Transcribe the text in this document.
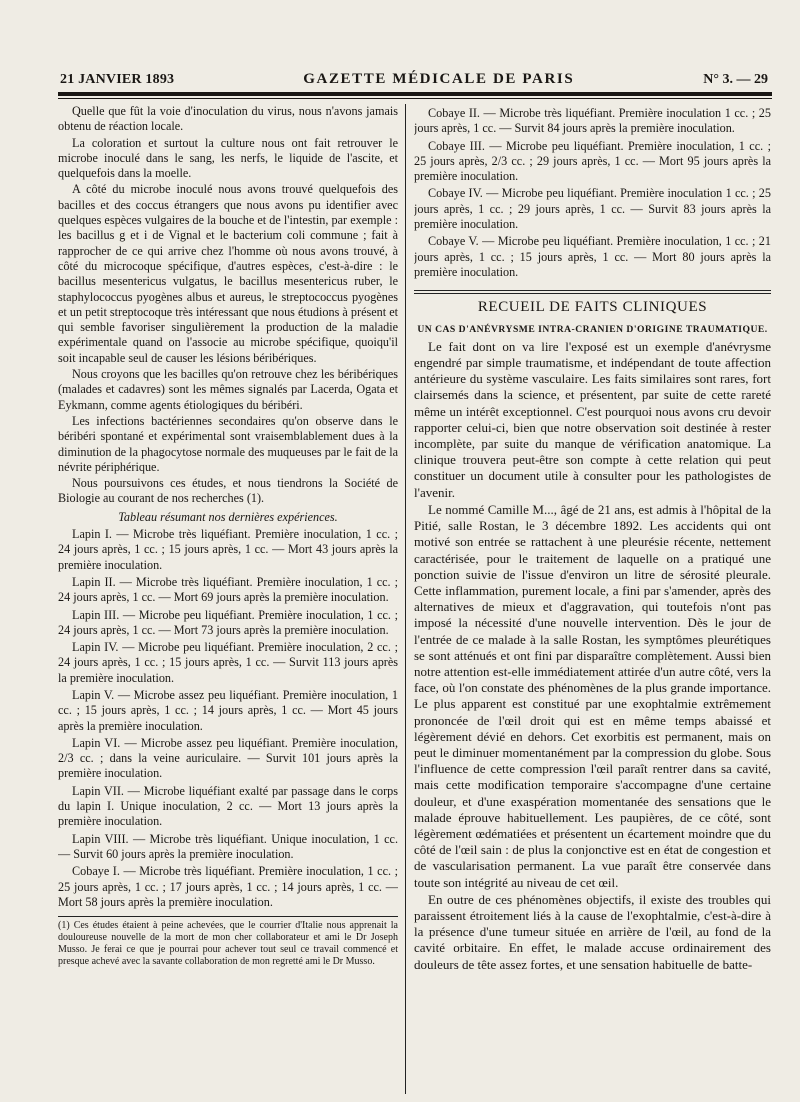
21 JANVIER 1893	GAZETTE MÉDICALE DE PARIS	N° 3. — 29

Quelle que fût la voie d'inoculation du virus, nous n'avons jamais obtenu de réaction locale.

La coloration et surtout la culture nous ont fait retrouver le microbe inoculé dans le sang, les nerfs, le liquide de l'ascite, et quelquefois dans la moelle.

A côté du microbe inoculé nous avons trouvé quelquefois des bacilles et des coccus étrangers que nous avons pu identifier avec quelques espèces vulgaires de la bouche et de l'intestin, par exemple : les bacillus g et i de Vignal et le bacterium coli commune ; fait à rapprocher de ce qui arrive chez l'homme où nous avons trouvé, à côté du microcoque spécifique, d'autres espèces, c'est-à-dire : le bacillus mesentericus vulgatus, le bacillus mesentericus ruber, le staphylococcus pyogènes albus et aureus, le streptococcus pyogènes et un petit streptocoque très intéressant que nous étudions à présent et qui semble favoriser singulièrement la production de la maladie expérimentale quand on l'associe au microbe spécifique, quoiqu'il soit incapable seul de causer les lésions béribériques.

Nous croyons que les bacilles qu'on retrouve chez les béribériques (malades et cadavres) sont les mêmes signalés par Lacerda, Ogata et Eykmann, comme agents étiologiques du béribéri.

Les infections bactériennes secondaires qu'on observe dans le béribéri spontané et expérimental sont vraisemblablement dues à la diminution de la phagocytose normale des muqueuses par le fait de la névrite périphérique.

Nous poursuivons ces études, et nous tiendrons la Société de Biologie au courant de nos recherches (1).

Tableau résumant nos dernières expériences.

Lapin I. — Microbe très liquéfiant. Première inoculation, 1 cc. ; 24 jours après, 1 cc. ; 15 jours après, 1 cc. — Mort 43 jours après la première inoculation.

Lapin II. — Microbe très liquéfiant. Première inoculation, 1 cc. ; 24 jours après, 1 cc. — Mort 69 jours après la première inoculation.

Lapin III. — Microbe peu liquéfiant. Première inoculation, 1 cc. ; 24 jours après, 1 cc. — Mort 73 jours après la première inoculation.

Lapin IV. — Microbe peu liquéfiant. Première inoculation, 2 cc. ; 24 jours après, 1 cc. ; 15 jours après, 1 cc. — Survit 113 jours après la première inoculation.

Lapin V. — Microbe assez peu liquéfiant. Première inoculation, 1 cc. ; 15 jours après, 1 cc. ; 14 jours après, 1 cc. — Mort 45 jours après la première inoculation.

Lapin VI. — Microbe assez peu liquéfiant. Première inoculation, 2/3 cc. ; dans la veine auriculaire. — Survit 101 jours après la première inoculation.

Lapin VII. — Microbe liquéfiant exalté par passage dans le corps du lapin I. Unique inoculation, 2 cc. — Mort 13 jours après la première inoculation.

Lapin VIII. — Microbe très liquéfiant. Unique inoculation, 1 cc. — Survit 60 jours après la première inoculation.

Cobaye I. — Microbe très liquéfiant. Première inoculation, 1 cc. ; 25 jours après, 1 cc. ; 17 jours après, 1 cc. ; 14 jours après, 1 cc. — Mort 58 jours après la première inoculation.

(1) Ces études étaient à peine achevées, que le courrier d'Italie nous apprenait la douloureuse nouvelle de la mort de mon cher collaborateur et ami le Dr Joseph Musso. Je ferai ce que je pourrai pour achever tout seul ce travail commencé et presque achevé avec la savante collaboration de mon regretté ami le Dr Musso.

Cobaye II. — Microbe très liquéfiant. Première inoculation 1 cc. ; 25 jours après, 1 cc. — Survit 84 jours après la première inoculation.

Cobaye III. — Microbe peu liquéfiant. Première inoculation, 1 cc. ; 25 jours après, 2/3 cc. ; 29 jours après, 1 cc. — Mort 95 jours après la première inoculation.

Cobaye IV. — Microbe peu liquéfiant. Première inoculation 1 cc. ; 25 jours après, 1 cc. ; 29 jours après, 1 cc. — Survit 83 jours après la première inoculation.

Cobaye V. — Microbe peu liquéfiant. Première inoculation, 1 cc. ; 21 jours après, 1 cc. ; 15 jours après, 1 cc. — Mort 80 jours après la première inoculation.

RECUEIL DE FAITS CLINIQUES

UN CAS D'ANÉVRYSME INTRA-CRANIEN D'ORIGINE TRAUMATIQUE.

Le fait dont on va lire l'exposé est un exemple d'anévrysme engendré par simple traumatisme, et indépendant de toute affection antérieure du système vasculaire. Les faits similaires sont rares, fort clairsemés dans la science, et présentent, par suite de cette rareté même un intérêt exceptionnel. C'est pourquoi nous avons cru devoir rapporter celui-ci, bien que notre observation soit destinée à rester incomplète, par suite du manque de vérification anatomique. La clinique trouvera peut-être son compte à cette relation qui peut constituer un document utile à consulter pour les pathologistes de l'avenir.

Le nommé Camille M..., âgé de 21 ans, est admis à l'hôpital de la Pitié, salle Rostan, le 3 décembre 1892. Les accidents qui ont motivé son entrée se rattachent à une pleurésie récente, nettement caractérisée, pour le traitement de laquelle on a pratiqué une ponction suivie de l'issue d'environ un litre de sérosité pleurale. Cette inflammation, purement locale, a fini par s'amender, après des alternatives de mieux et d'aggravation, qui toutefois n'ont pas imposé la nécessité d'une nouvelle intervention. Dès le jour de l'entrée de ce malade à la salle Rostan, les symptômes pleurétiques se sont atténués et ont fini par disparaître complètement. Aussi bien notre attention est-elle immédiatement attirée d'un autre côté, vers la face, où l'on constate des phénomènes de la plus grande importance. Le plus apparent est constitué par une exophtalmie extrêmement prononcée de l'œil droit qui est en même temps abaissé et légèrement dévié en dehors. Cet exorbitis est permanent, mais on peut le diminuer momentanément par la compression du globe. Sous l'influence de cette compression l'œil paraît rentrer dans sa cavité, mais cette modification temporaire s'accompagne d'une certaine douleur, et d'une exaspération momentanée des sensations que le malade éprouve habituellement. Les paupières, de ce côté, sont légèrement œdématiées et présentent un écartement moindre que du côté de l'œil sain : de plus la conjonctive est en état de congestion et de vascularisation permanent. La vue paraît être conservée dans toute son intégrité au niveau de cet œil.

En outre de ces phénomènes objectifs, il existe des troubles qui paraissent étroitement liés à la cause de l'exophtalmie, c'est-à-dire à la présence d'une tumeur située en arrière de l'œil, au fond de la cavité orbitaire. En effet, le malade accuse ordinairement des douleurs de tête assez fortes, et une sensation habituelle de batte-
